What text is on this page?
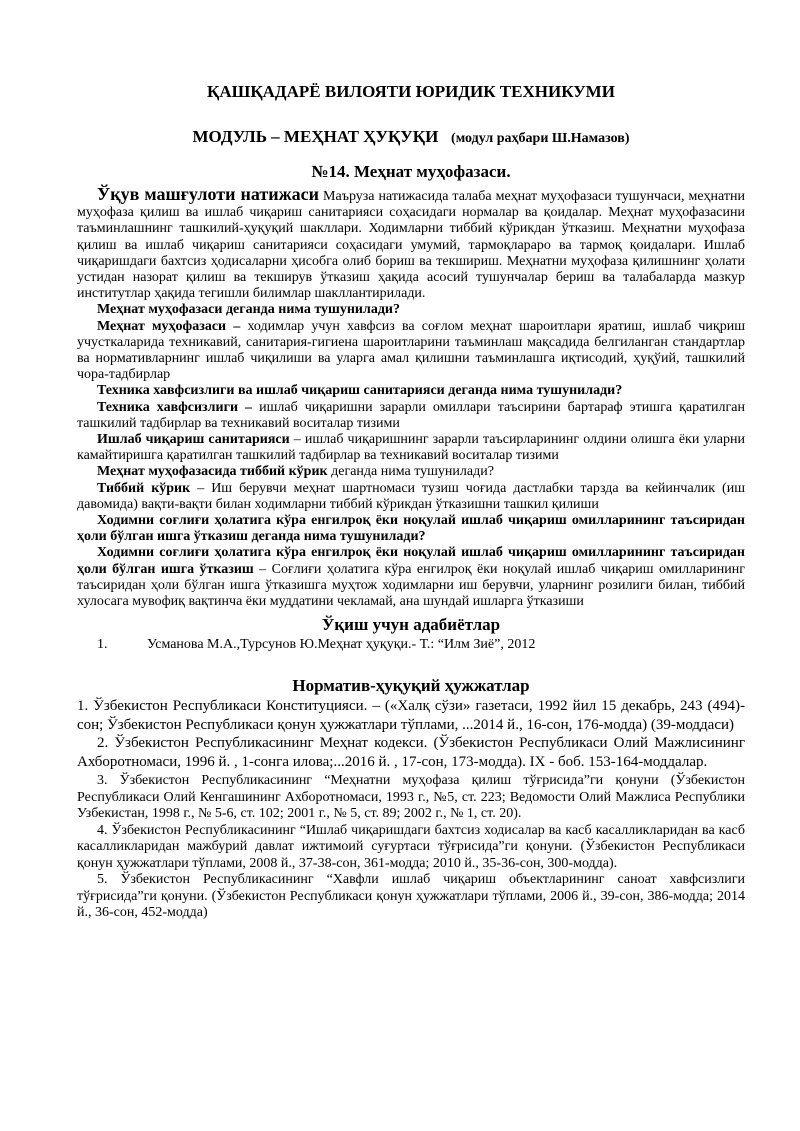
ҚАШҚАДАРЁ ВИЛОЯТИ ЮРИДИК ТЕХНИКУМИ
МОДУЛЬ – МЕҲНАТ ҲУҚУҚИ (модул раҳбари Ш.Намазов)
№14. Меҳнат муҳофазаси.

Ўқув машғулоти натижаси Маъруза натижасида талаба меҳнат муҳофазаси тушунчаси, меҳнатни муҳофаза қилиш ва ишлаб чиқариш санитарияси соҳасидаги нормалар ва қоидалар. Меҳнат муҳофазасини таъминлашнинг ташкилий-ҳуқуқий шакллари. Ходимларни тиббий кўрикдан ўтказиш. Меҳнатни муҳофаза қилиш ва ишлаб чиқариш санитарияси соҳасидаги умумий, тармоқлараро ва тармоқ қоидалари. Ишлаб чиқаришдаги бахтсиз ҳодисаларни ҳисобга олиб бориш ва текшириш. Меҳнатни муҳофаза қилишнинг ҳолати устидан назорат қилиш ва текширув ўтказиш ҳақида асосий тушунчалар бериш ва талабаларда мазкур институтлар ҳақида тегишли билимлар шакллантирилади.

Меҳнат муҳофазаси деганда нима тушунилади?

Меҳнат муҳофазаси – ходимлар учун хавфсиз ва соғлом меҳнат шароитлари яратиш, ишлаб чиқриш учусткаларида техникавий, санитария-гигиена шароитларини таъминлаш мақсадида белгиланган стандартлар ва нормативларнинг ишлаб чиқилиши ва уларга амал қилишни таъминлашга иқтисодий, ҳуқўий, ташкилий чора-тадбирлар

Техника хавфсизлиги ва ишлаб чиқариш санитарияси деганда нима тушунилади?

Техника хавфсизлиги – ишлаб чиқаришни зарарли омиллари таъсирини бартараф этишга қаратилган ташкилий тадбирлар ва техникавий воситалар тизими

Ишлаб чиқариш санитарияси – ишлаб чиқаришнинг зарарли таъсирларининг олдини олишга ёки уларни камайтиришга қаратилган ташкилий тадбирлар ва техникавий воситалар тизими

Меҳнат муҳофазасида тиббий кўрик деганда нима тушунилади?

Тиббий кўрик – Иш берувчи меҳнат шартномаси тузиш чоғида дастлабки тарзда ва кейинчалик (иш давомида) вақти-вақти билан ходимларни тиббий кўрикдан ўтказишни ташкил қилиши

Ходимни соғлиғи ҳолатига кўра енгилроқ ёки ноқулай ишлаб чиқариш омилларининг таъсиридан ҳоли бўлган ишга ўтказиш деганда нима тушунилади?

Ходимни соғлиғи ҳолатига кўра енгилроқ ёки ноқулай ишлаб чиқариш омилларининг таъсиридан ҳоли бўлган ишга ўтказиш – Соғлиғи ҳолатига кўра енгилроқ ёки ноқулай ишлаб чиқариш омилларининг таъсиридан ҳоли бўлган ишга ўтказишга муҳтож ходимларни иш берувчи, уларнинг розилиги билан, тиббий хулосага мувофиқ вақтинча ёки муддатини чекламай, ана шундай ишларга ўтказиши

Ўқиш учун адабиётлар

1.	Усманова М.А.,Турсунов Ю.Меҳнат ҳуқуқи.- Т.: “Илм Зиё”, 2012

Норматив-ҳуқуқий ҳужжатлар

1. Ўзбекистон Республикаси Конституцияси. – («Халқ сўзи» газетаси, 1992 йил 15 декабрь, 243 (494)-сон; Ўзбекистон Республикаси қонун ҳужжатлари тўплами, ...2014 й., 16-сон, 176-модда) (39-моддаси)

2. Ўзбекистон Республикасининг Меҳнат кодекси. (Ўзбекистон Республикаси Олий Мажлисининг Ахборотномаси, 1996 й. , 1-сонга илова;...2016 й. , 17-сон, 173-модда). IX - боб. 153-164-моддалар.

3. Ўзбекистон Республикасининг “Меҳнатни муҳофаза қилиш тўғрисида”ги қонуни (Ўзбекистон Республикаси Олий Кенгашининг Ахборотномаси, 1993 г., №5, ст. 223; Ведомости Олий Мажлиса Республики Узбекистан, 1998 г., № 5-6, ст. 102; 2001 г., № 5, ст. 89; 2002 г., № 1, ст. 20).

4. Ўзбекистон Республикасининг “Ишлаб чиқаришдаги бахтсиз ходисалар ва касб касалликларидан ва касб касалликларидан мажбурий давлат ижтимоий суғуртаси тўғрисида”ги қонуни. (Ўзбекистон Республикаси қонун ҳужжатлари тўплами, 2008 й., 37-38-сон, 361-модда; 2010 й., 35-36-сон, 300-модда).

5. Ўзбекистон Республикасининг “Хавфли ишлаб чиқариш объектларининг саноат хавфсизлиги тўғрисида”ги қонуни. (Ўзбекистон Республикаси қонун ҳужжатлари тўплами, 2006 й., 39-сон, 386-модда; 2014 й., 36-сон, 452-модда)
